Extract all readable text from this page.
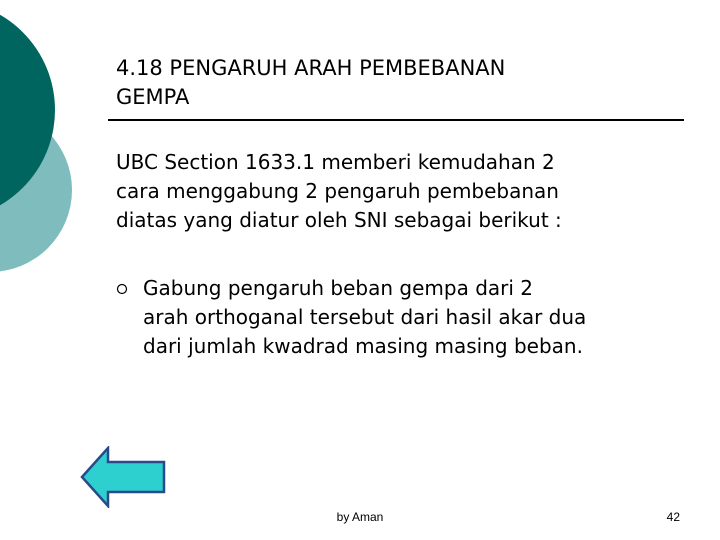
4.18 PENGARUH ARAH PEMBEBANAN
GEMPA
UBC Section 1633.1 memberi kemudahan 2
cara menggabung 2 pengaruh pembebanan
diatas yang diatur oleh SNI sebagai berikut :
Gabung pengaruh beban gempa dari 2
arah orthoganal tersebut dari hasil akar dua
dari jumlah kwadrad masing masing beban.
by Aman	42
